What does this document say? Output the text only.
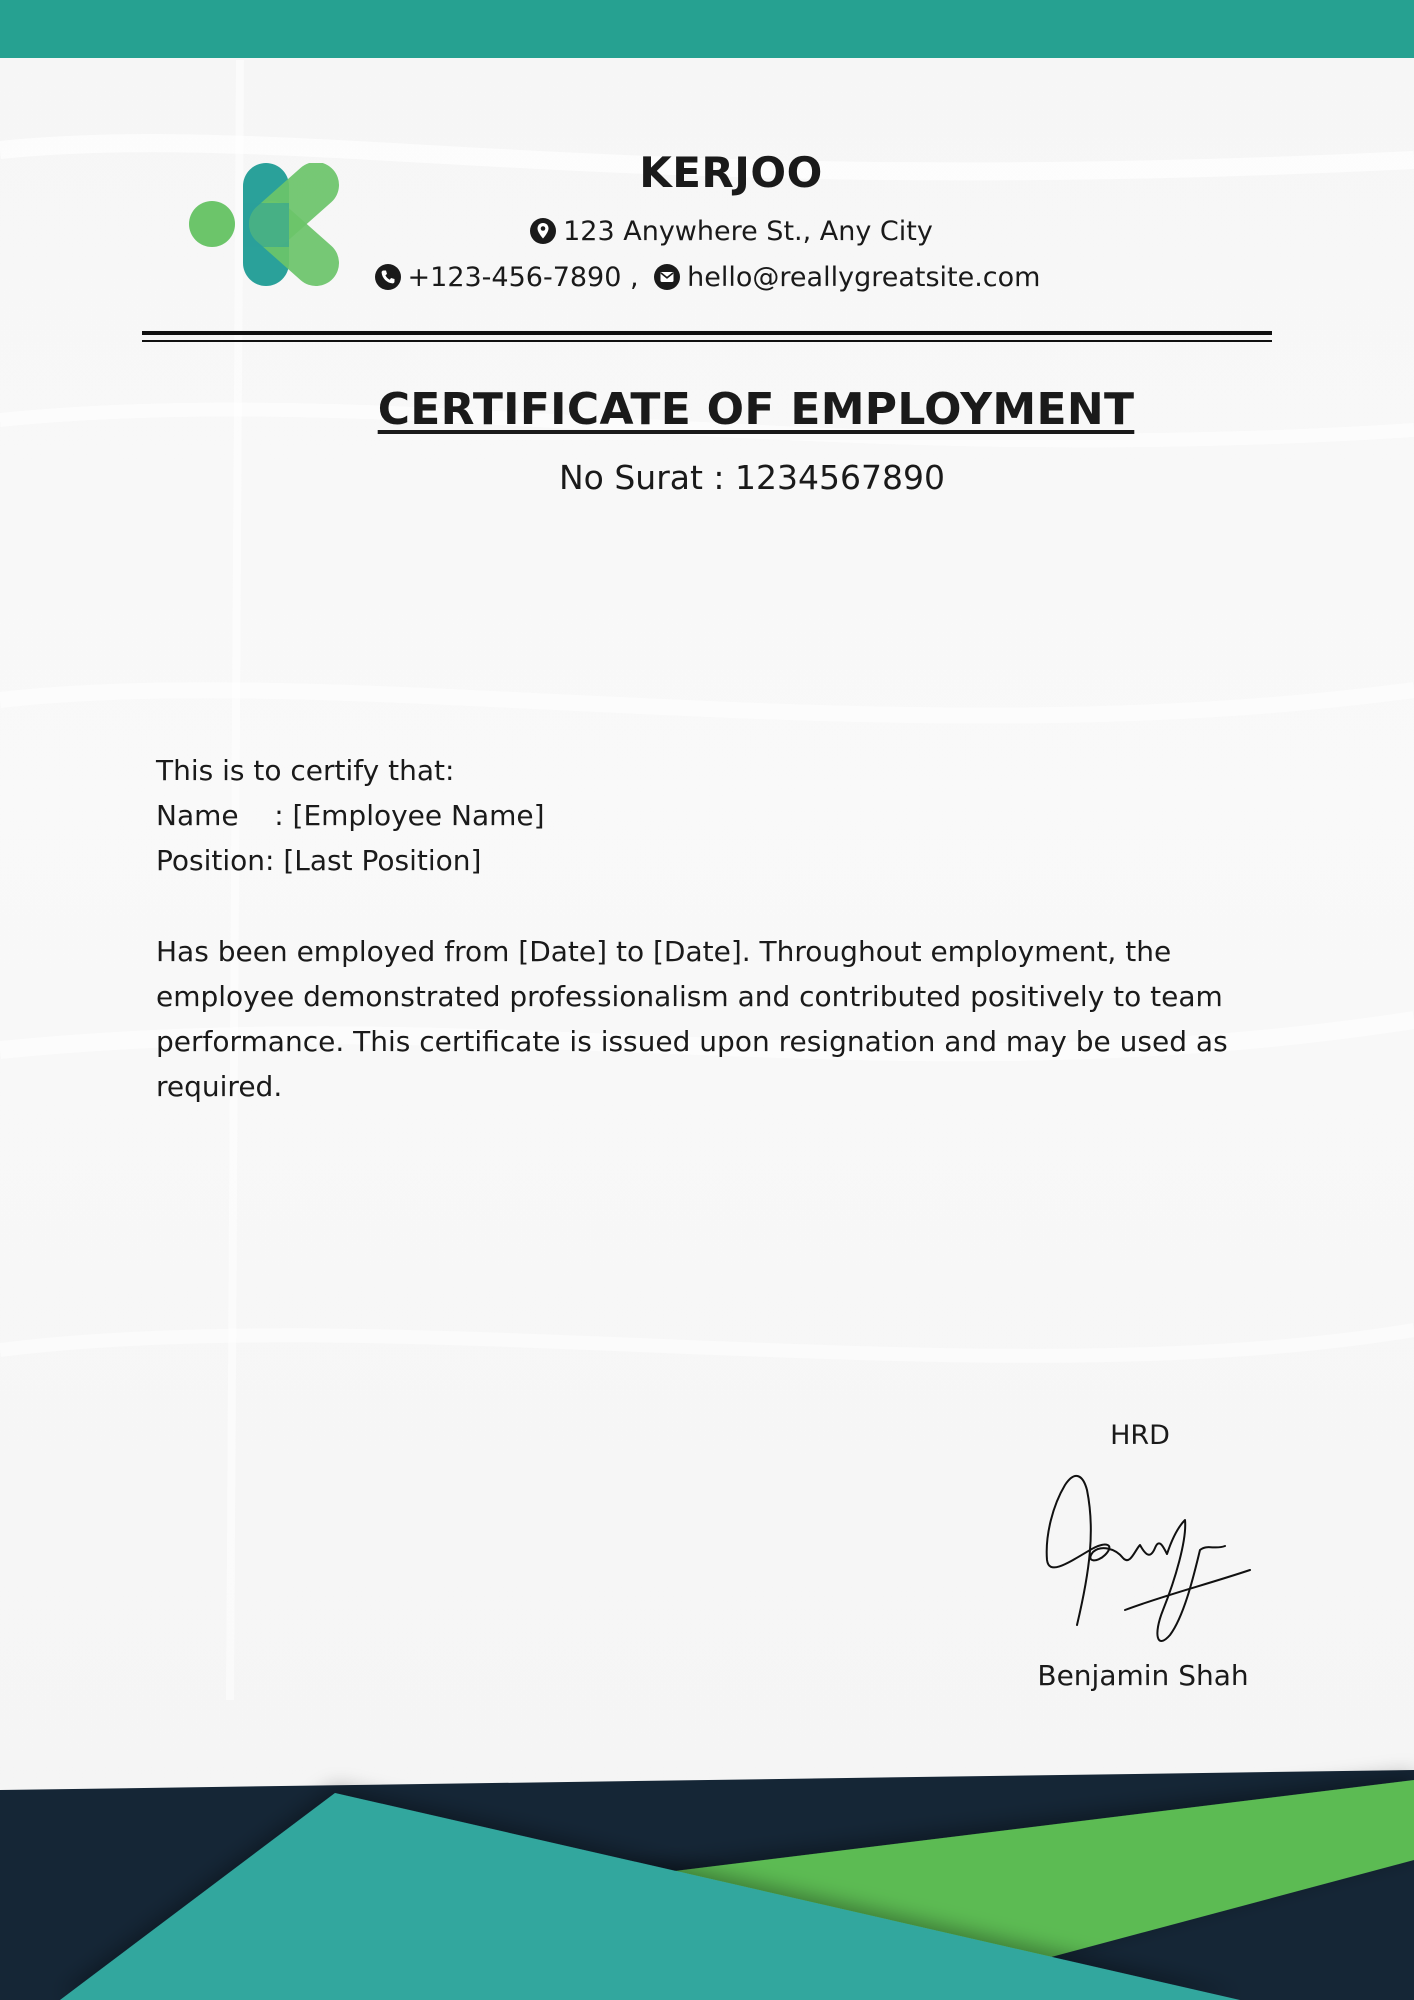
KERJOO
123 Anywhere St., Any City
+123-456-7890 , hello@reallygreatsite.com
CERTIFICATE OF EMPLOYMENT
No Surat : 1234567890
This is to certify that:
Name    : [Employee Name]
Position: [Last Position]
Has been employed from [Date] to [Date]. Throughout employment, the employee demonstrated professionalism and contributed positively to team performance. This certificate is issued upon resignation and may be used as required.
HRD
Benjamin Shah
